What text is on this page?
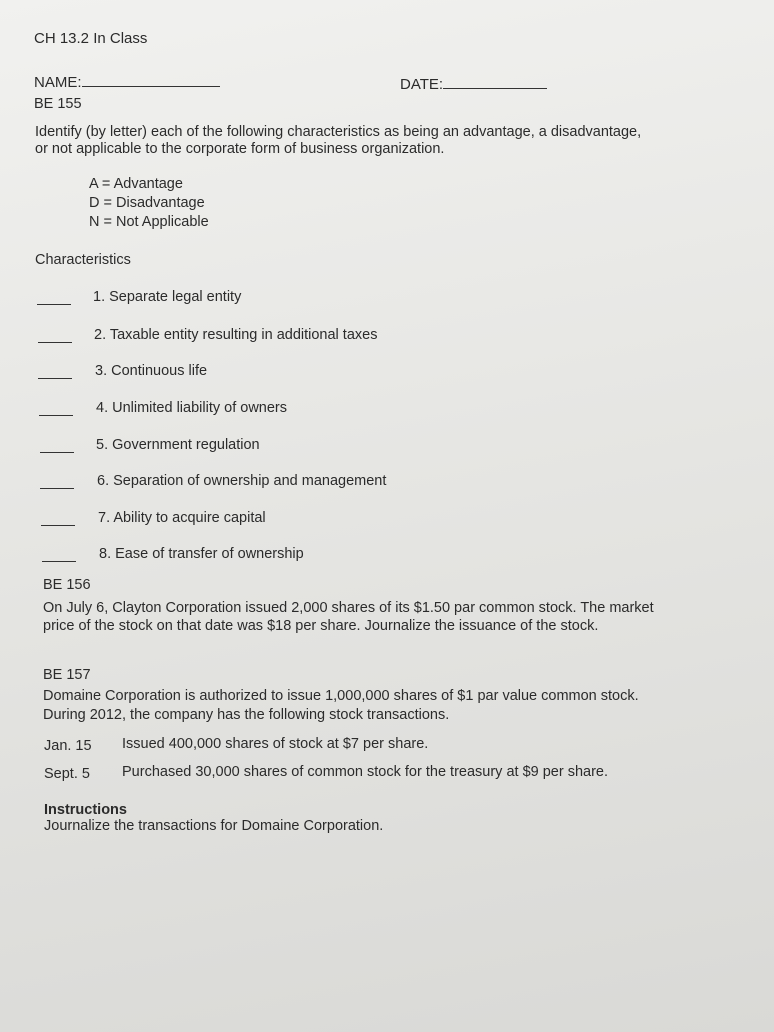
CH 13.2 In Class
NAME:	DATE:
BE 155
Identify (by letter) each of the following characteristics as being an advantage, a disadvantage,
or not applicable to the corporate form of business organization.
A = Advantage
D = Disadvantage
N = Not Applicable
Characteristics
1. Separate legal entity
2. Taxable entity resulting in additional taxes
3. Continuous life
4. Unlimited liability of owners
5. Government regulation
6. Separation of ownership and management
7. Ability to acquire capital
8. Ease of transfer of ownership
BE 156
On July 6, Clayton Corporation issued 2,000 shares of its $1.50 par common stock. The market
price of the stock on that date was $18 per share. Journalize the issuance of the stock.
BE 157
Domaine Corporation is authorized to issue 1,000,000 shares of $1 par value common stock.
During 2012, the company has the following stock transactions.
Jan. 15 Issued 400,000 shares of stock at $7 per share.
Sept. 5 Purchased 30,000 shares of common stock for the treasury at $9 per share.
Instructions
Journalize the transactions for Domaine Corporation.
